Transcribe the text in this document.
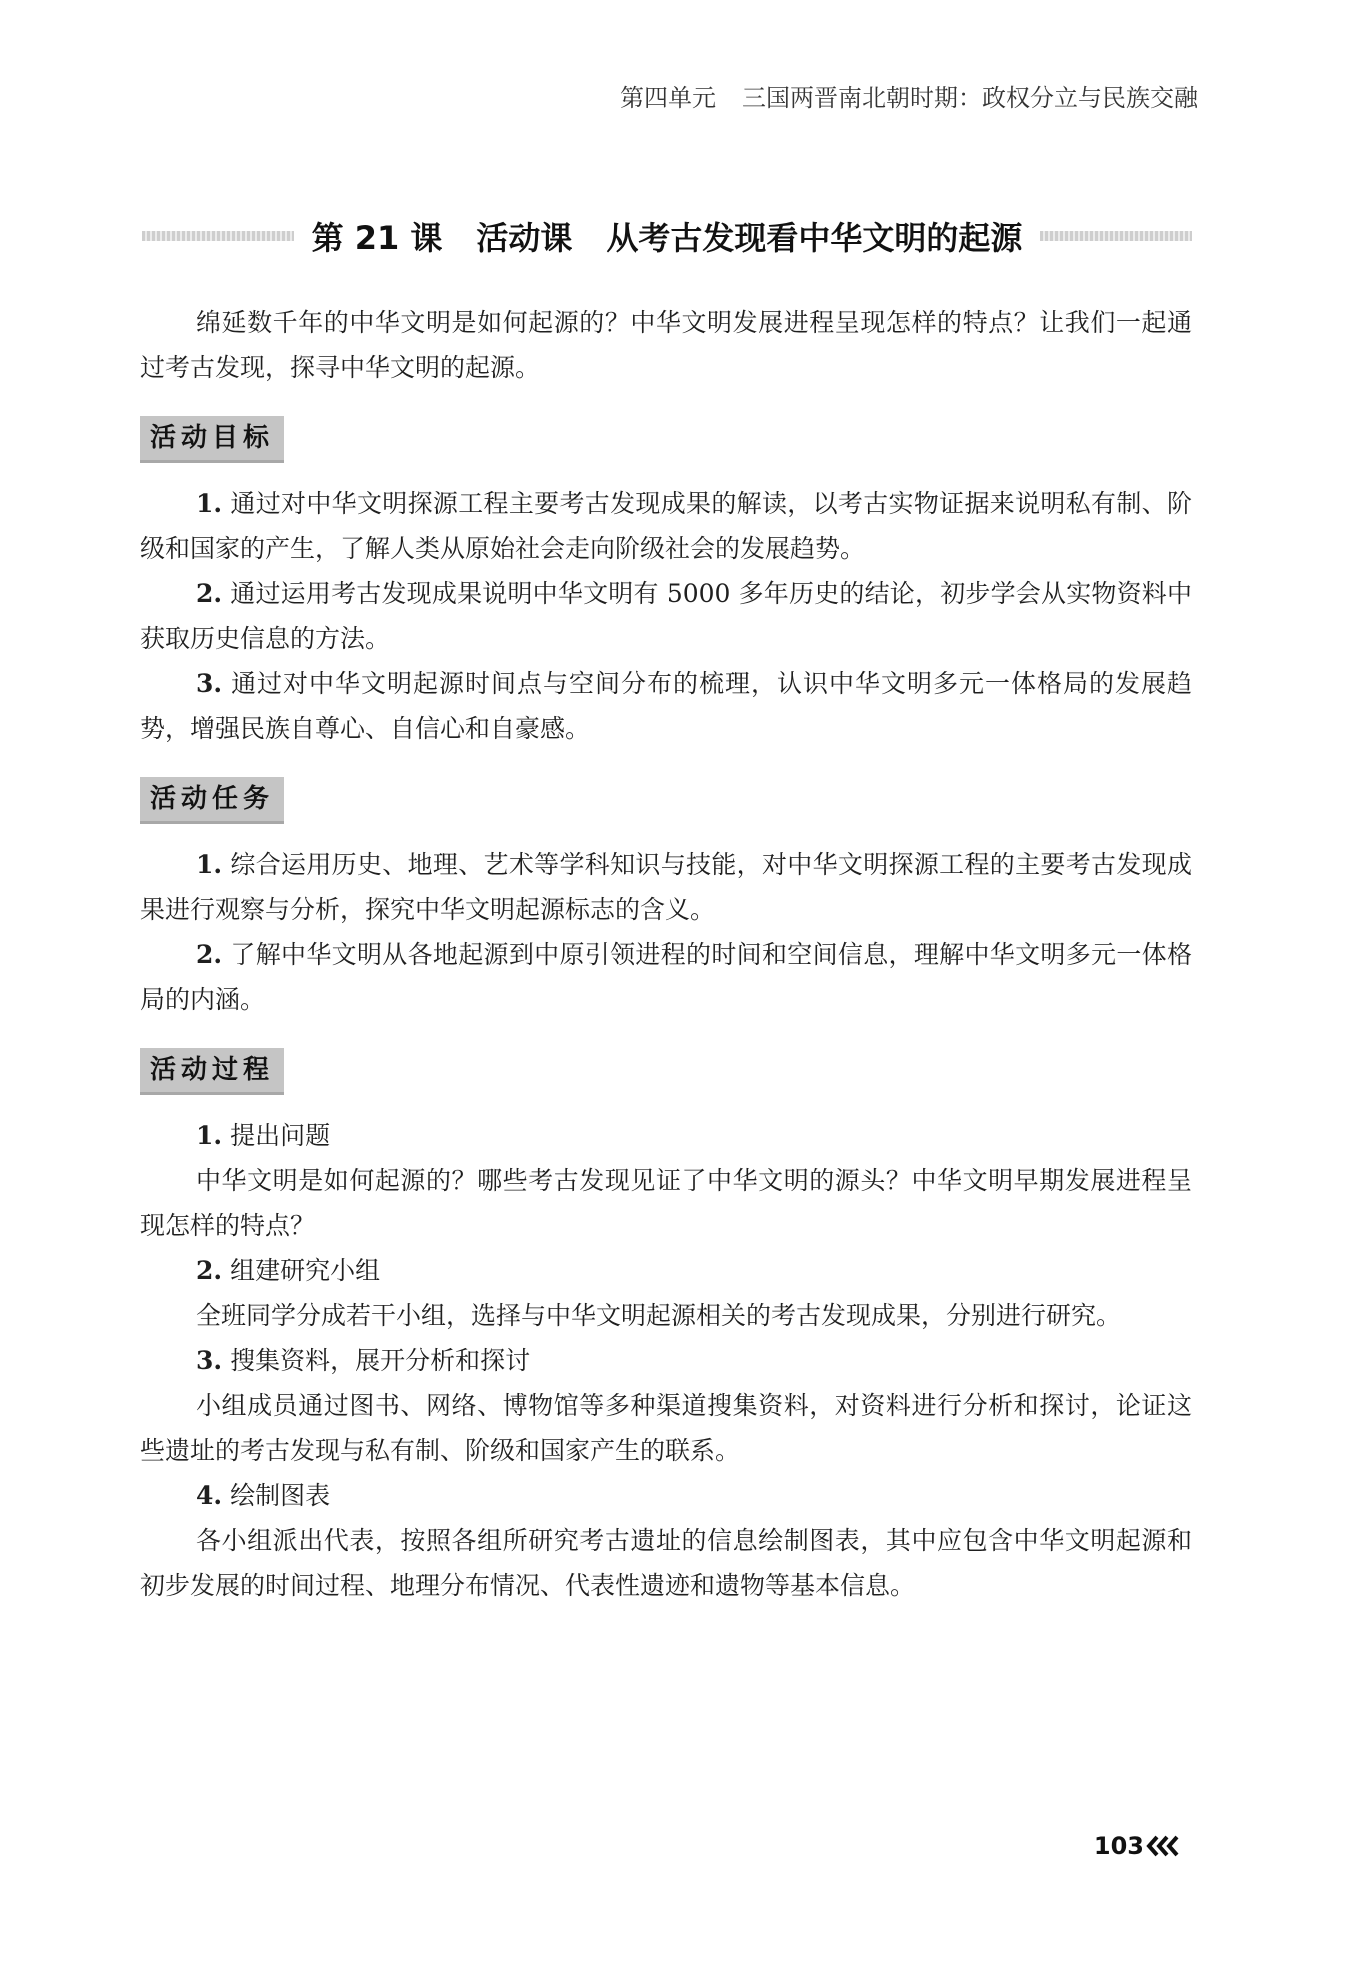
第四单元 三国两晋南北朝时期：政权分立与民族交融
第 21 课 活动课 从考古发现看中华文明的起源

绵延数千年的中华文明是如何起源的？中华文明发展进程呈现怎样的特点？让我们一起通过考古发现，探寻中华文明的起源。

活动目标

1. 通过对中华文明探源工程主要考古发现成果的解读，以考古实物证据来说明私有制、阶级和国家的产生，了解人类从原始社会走向阶级社会的发展趋势。

2. 通过运用考古发现成果说明中华文明有 5000 多年历史的结论，初步学会从实物资料中获取历史信息的方法。

3. 通过对中华文明起源时间点与空间分布的梳理，认识中华文明多元一体格局的发展趋势，增强民族自尊心、自信心和自豪感。

活动任务

1. 综合运用历史、地理、艺术等学科知识与技能，对中华文明探源工程的主要考古发现成果进行观察与分析，探究中华文明起源标志的含义。

2. 了解中华文明从各地起源到中原引领进程的时间和空间信息，理解中华文明多元一体格局的内涵。

活动过程

1. 提出问题

中华文明是如何起源的？哪些考古发现见证了中华文明的源头？中华文明早期发展进程呈现怎样的特点？

2. 组建研究小组

全班同学分成若干小组，选择与中华文明起源相关的考古发现成果，分别进行研究。

3. 搜集资料，展开分析和探讨

小组成员通过图书、网络、博物馆等多种渠道搜集资料，对资料进行分析和探讨，论证这些遗址的考古发现与私有制、阶级和国家产生的联系。

4. 绘制图表

各小组派出代表，按照各组所研究考古遗址的信息绘制图表，其中应包含中华文明起源和初步发展的时间过程、地理分布情况、代表性遗迹和遗物等基本信息。

103
